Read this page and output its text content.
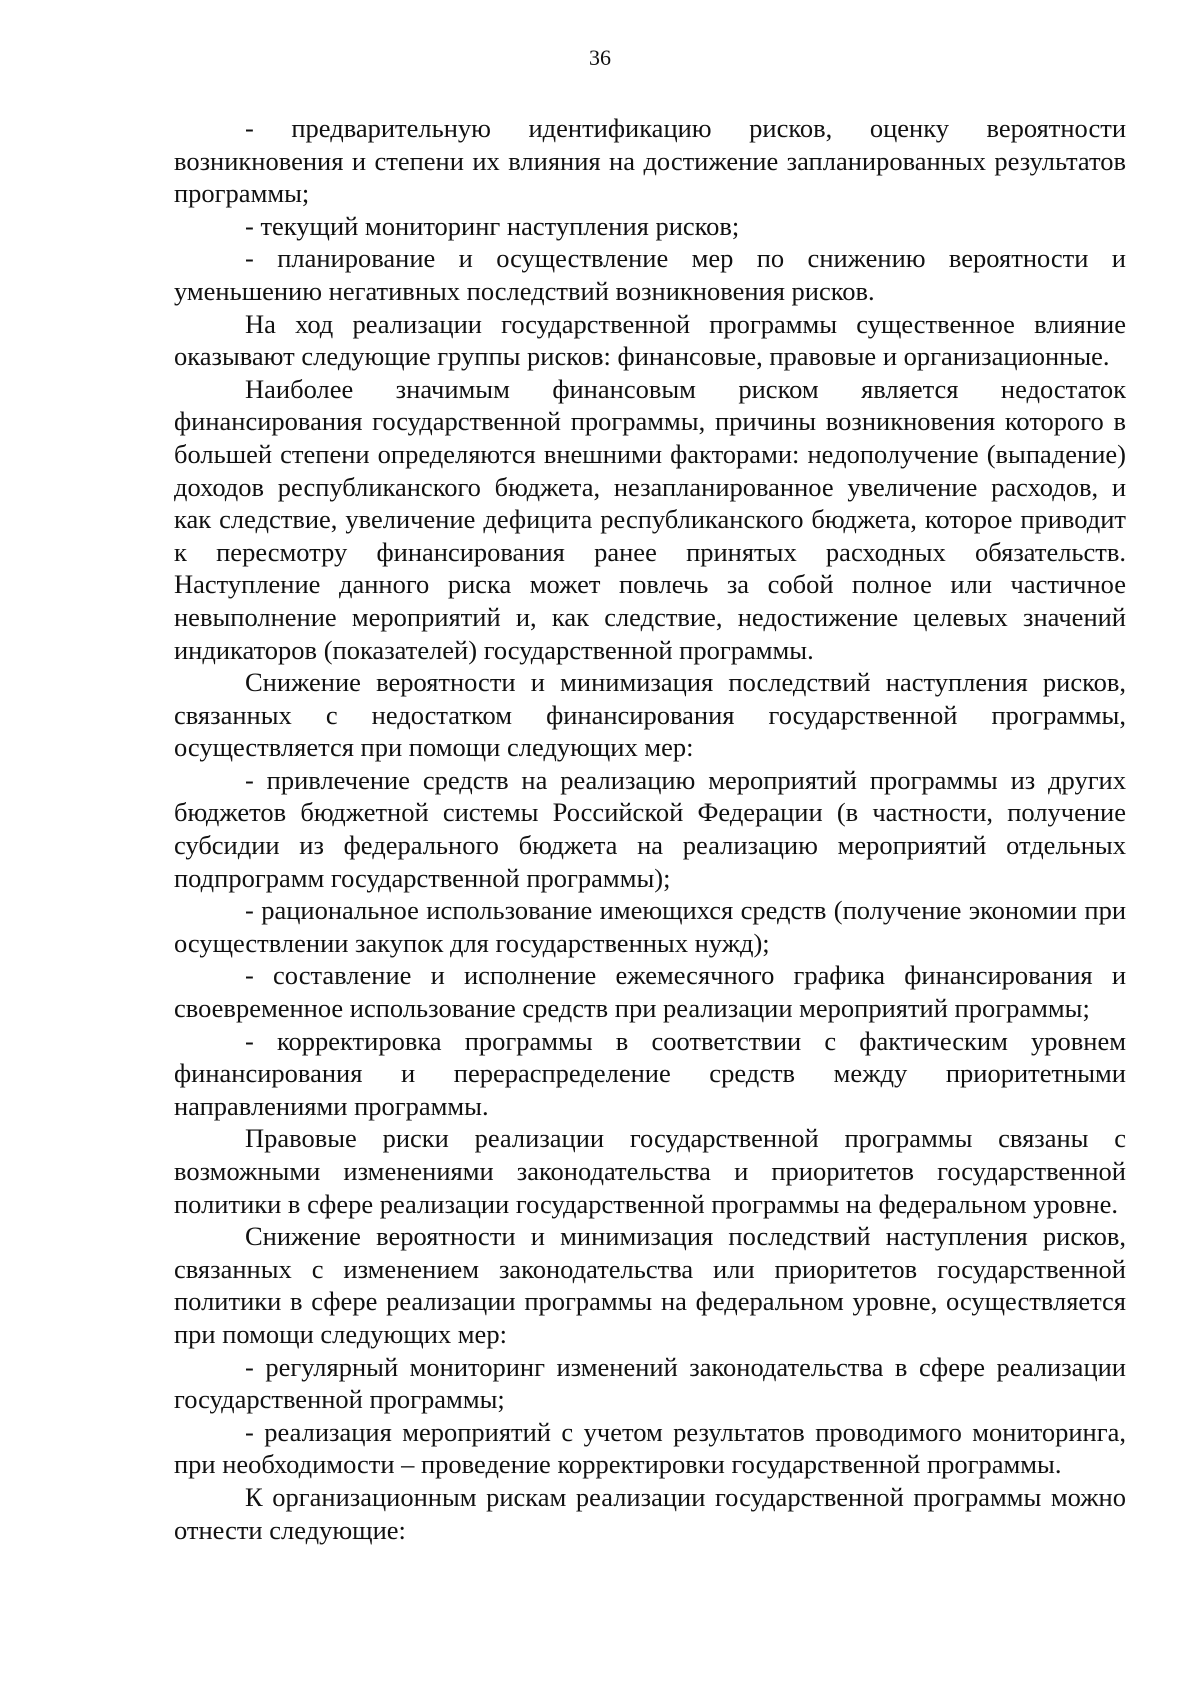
36

- предварительную идентификацию рисков, оценку вероятности возникновения и степени их влияния на достижение запланированных результатов программы;

- текущий мониторинг наступления рисков;

- планирование и осуществление мер по снижению вероятности и уменьшению негативных последствий возникновения рисков.

На ход реализации государственной программы существенное влияние оказывают следующие группы рисков: финансовые, правовые и организационные.

Наиболее значимым финансовым риском является недостаток финансирования государственной программы, причины возникновения которого в большей степени определяются внешними факторами: недополучение (выпадение) доходов республиканского бюджета, незапланированное увеличение расходов, и как следствие, увеличение дефицита республиканского бюджета, которое приводит к пересмотру финансирования ранее принятых расходных обязательств. Наступление данного риска может повлечь за собой полное или частичное невыполнение мероприятий и, как следствие, недостижение целевых значений индикаторов (показателей) государственной программы.

Снижение вероятности и минимизация последствий наступления рисков, связанных с недостатком финансирования государственной программы, осуществляется при помощи следующих мер:

- привлечение средств на реализацию мероприятий программы из других бюджетов бюджетной системы Российской Федерации (в частности, получение субсидии из федерального бюджета на реализацию мероприятий отдельных подпрограмм государственной программы);

- рациональное использование имеющихся средств (получение экономии при осуществлении закупок для государственных нужд);

- составление и исполнение ежемесячного графика финансирования и своевременное использование средств при реализации мероприятий программы;

- корректировка программы в соответствии с фактическим уровнем финансирования и перераспределение средств между приоритетными направлениями программы.

Правовые риски реализации государственной программы связаны с возможными изменениями законодательства и приоритетов государственной политики в сфере реализации государственной программы на федеральном уровне.

Снижение вероятности и минимизация последствий наступления рисков, связанных с изменением законодательства или приоритетов государственной политики в сфере реализации программы на федеральном уровне, осуществляется при помощи следующих мер:

- регулярный мониторинг изменений законодательства в сфере реализации государственной программы;

- реализация мероприятий с учетом результатов проводимого мониторинга, при необходимости – проведение корректировки государственной программы.

К организационным рискам реализации государственной программы можно отнести следующие:
